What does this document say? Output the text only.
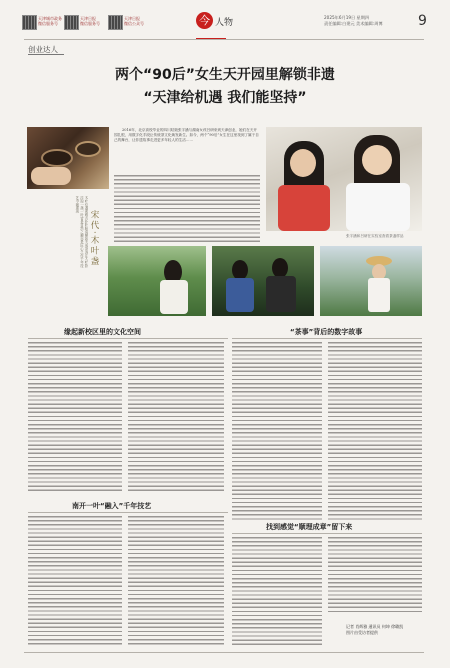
天津城市政务
微信服务号
天津日报
微信服务号
天津日报
微信公众号	今 人物
2025年6月19日 星期四
责任编辑:白建元 美术编辑:周博	9
创业达人
两个“90后”女生天开园里解锁非遗
“天津给机遇 我们能坚持”
2016年，北京高校毕业的四川姑娘张宇涵与湖南女孩吕研来到天津创业，她们在天开园扎根，用数字化手段让传统茶文化焕发新生。如今，两个“90后”女生在这里找到了属于自己的舞台，让非遗故事走进更多年轻人的生活……
张宇涵和吕研在实验室查看茶盏样品
宋代·木叶盏
木叶纹盏素雅古朴叶脉清晰如天成茶汤注入叶影浮现一盏一叶皆是自然之趣亦是匠心之作千年技艺今朝重现
缘起新校区里的文化空间	“茶事”背后的数字故事
南开一叶“融入”千年技艺
找到感觉“顺理成章”留下来
记者 肖辉雅 通讯员 何坤 徐璐凯
图片由受访者提供
